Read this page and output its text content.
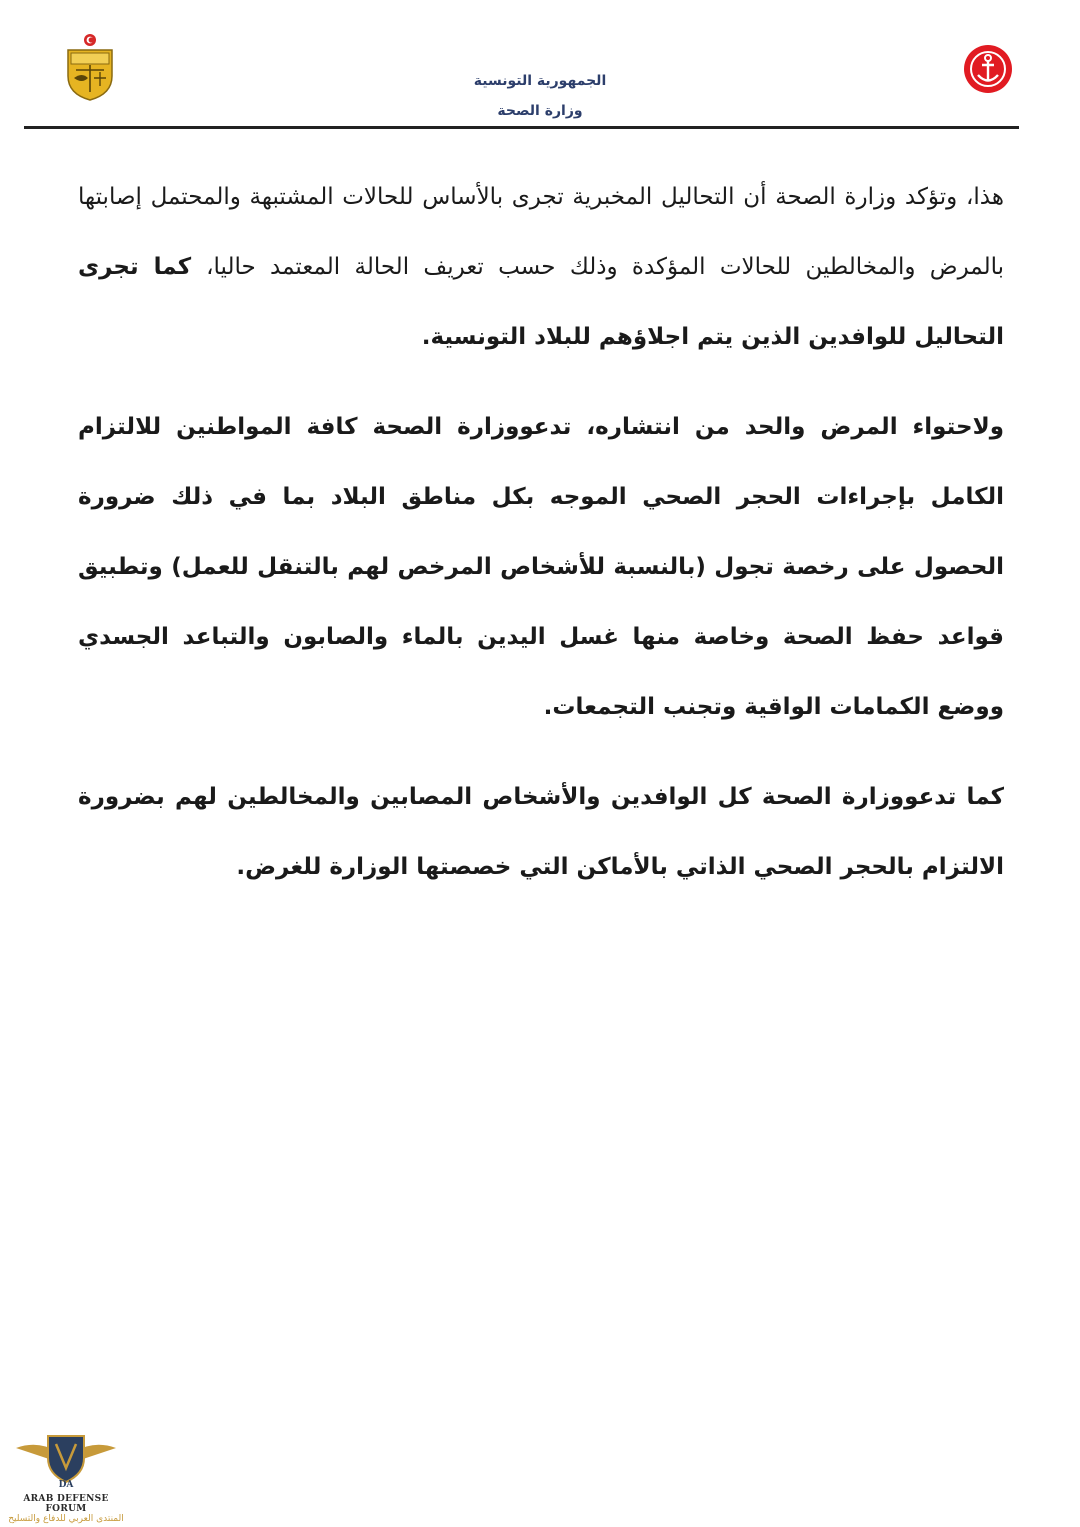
الجمهورية التونسية
وزارة الصحة

هذا، وتؤكد وزارة الصحة أن التحاليل المخبرية تجرى بالأساس للحالات المشتبهة والمحتمل إصابتها بالمرض والمخالطين للحالات المؤكدة وذلك حسب تعريف الحالة المعتمد حاليا، كما تجرى التحاليل للوافدين الذين يتم اجلاؤهم للبلاد التونسية.

ولاحتواء المرض والحد من انتشاره، تدعووزارة الصحة كافة المواطنين للالتزام الكامل بإجراءات الحجر الصحي الموجه بكل مناطق البلاد بما في ذلك ضرورة الحصول على رخصة تجول (بالنسبة للأشخاص المرخص لهم بالتنقل للعمل) وتطبيق قواعد حفظ الصحة وخاصة منها غسل اليدين بالماء والصابون والتباعد الجسدي ووضع الكمامات الواقية وتجنب التجمعات.

كما تدعووزارة الصحة كل الوافدين والأشخاص المصابين والمخالطين لهم بضرورة الالتزام بالحجر الصحي الذاتي بالأماكن التي خصصتها الوزارة للغرض.

DA
ARAB DEFENSE FORUM
المنتدى العربي للدفاع والتسليح
